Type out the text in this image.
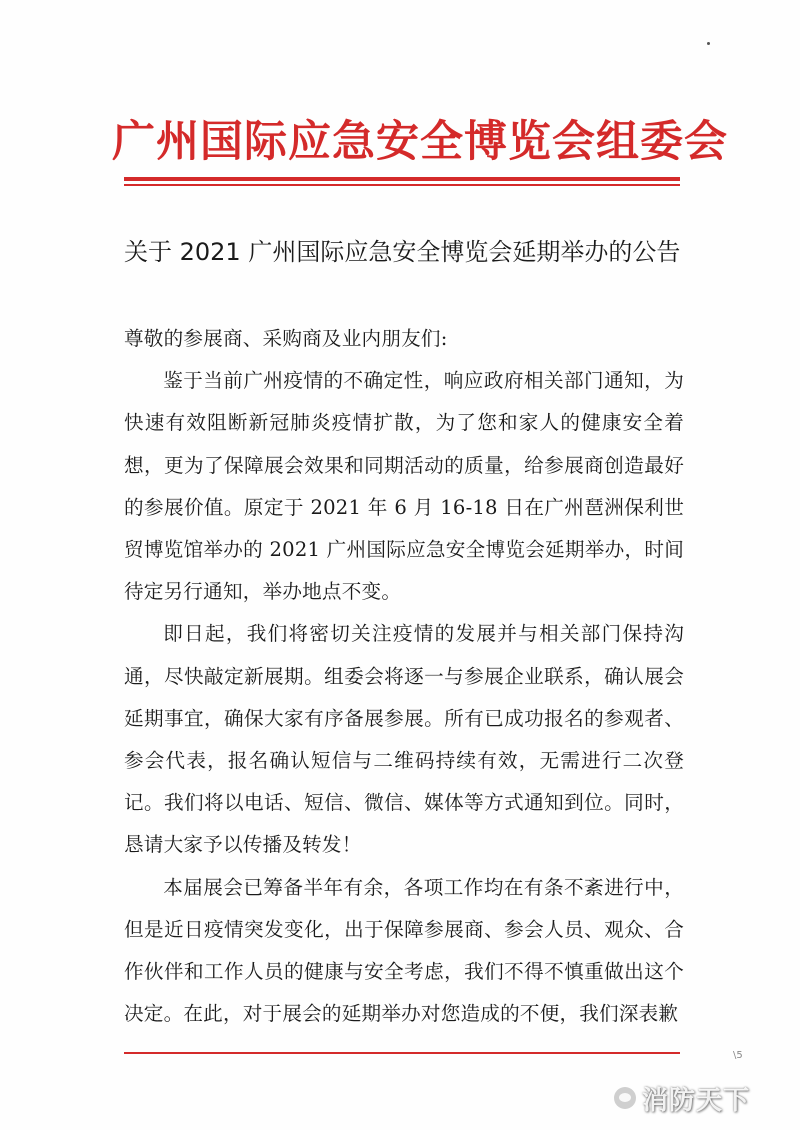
广州国际应急安全博览会组委会
关于 2021 广州国际应急安全博览会延期举办的公告

尊敬的参展商、采购商及业内朋友们:

鉴于当前广州疫情的不确定性，响应政府相关部门通知，为快速有效阻断新冠肺炎疫情扩散，为了您和家人的健康安全着想，更为了保障展会效果和同期活动的质量，给参展商创造最好的参展价值。原定于 2021 年 6 月 16-18 日在广州琶洲保利世贸博览馆举办的 2021 广州国际应急安全博览会延期举办，时间待定另行通知，举办地点不变。

即日起，我们将密切关注疫情的发展并与相关部门保持沟通，尽快敲定新展期。组委会将逐一与参展企业联系，确认展会延期事宜，确保大家有序备展参展。所有已成功报名的参观者、参会代表，报名确认短信与二维码持续有效，无需进行二次登记。我们将以电话、短信、微信、媒体等方式通知到位。同时，恳请大家予以传播及转发！

本届展会已筹备半年有余，各项工作均在有条不紊进行中，但是近日疫情突发变化，出于保障参展商、参会人员、观众、合作伙伴和工作人员的健康与安全考虑，我们不得不慎重做出这个决定。在此，对于展会的延期举办对您造成的不便，我们深表歉

\5
消防天下
